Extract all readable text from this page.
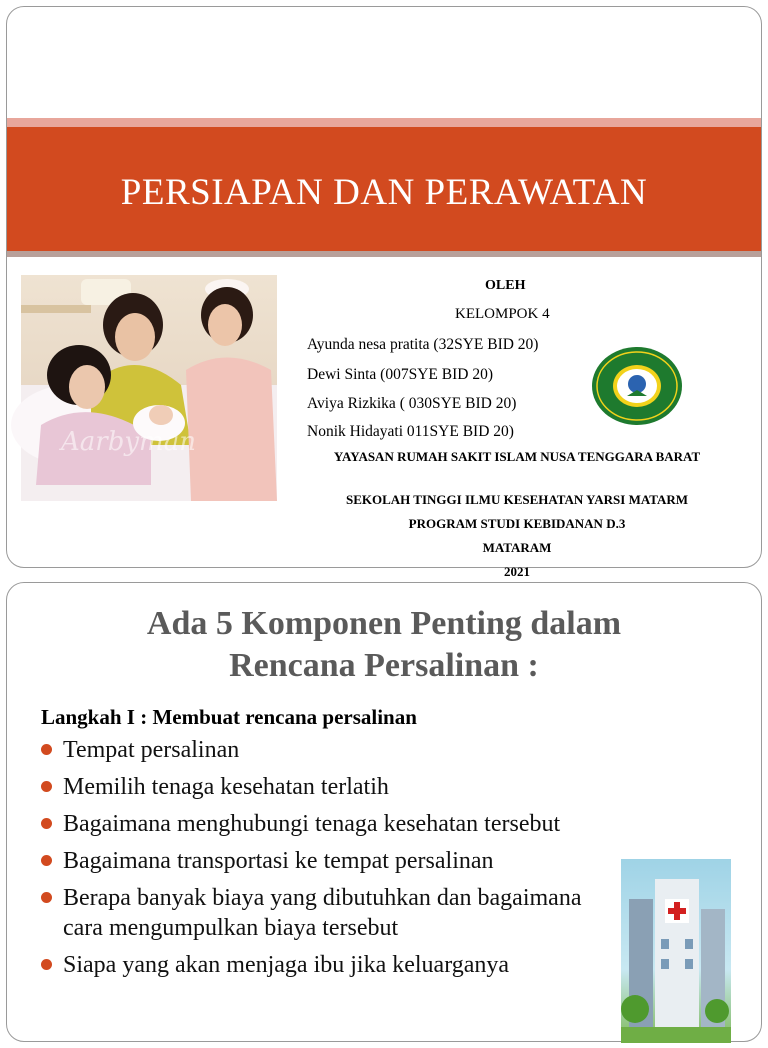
PERSIAPAN DAN PERAWATAN
Aarbyman
OLEH
KELOMPOK 4
Ayunda nesa pratita (32SYE BID 20)
Dewi Sinta (007SYE BID 20)
Aviya Rizkika ( 030SYE BID 20)
Nonik Hidayati 011SYE BID 20)
YAYASAN RUMAH SAKIT ISLAM NUSA TENGGARA BARAT
SEKOLAH TINGGI ILMU KESEHATAN YARSI MATARM
PROGRAM STUDI KEBIDANAN D.3
MATARAM
2021
Ada 5 Komponen Penting dalam
Rencana Persalinan :
Langkah I : Membuat rencana persalinan
Tempat persalinan
Memilih tenaga kesehatan terlatih
Bagaimana menghubungi tenaga kesehatan tersebut
Bagaimana transportasi ke tempat persalinan
Berapa banyak biaya yang dibutuhkan dan bagaimana cara mengumpulkan biaya tersebut
Siapa yang akan menjaga ibu jika keluarganya
